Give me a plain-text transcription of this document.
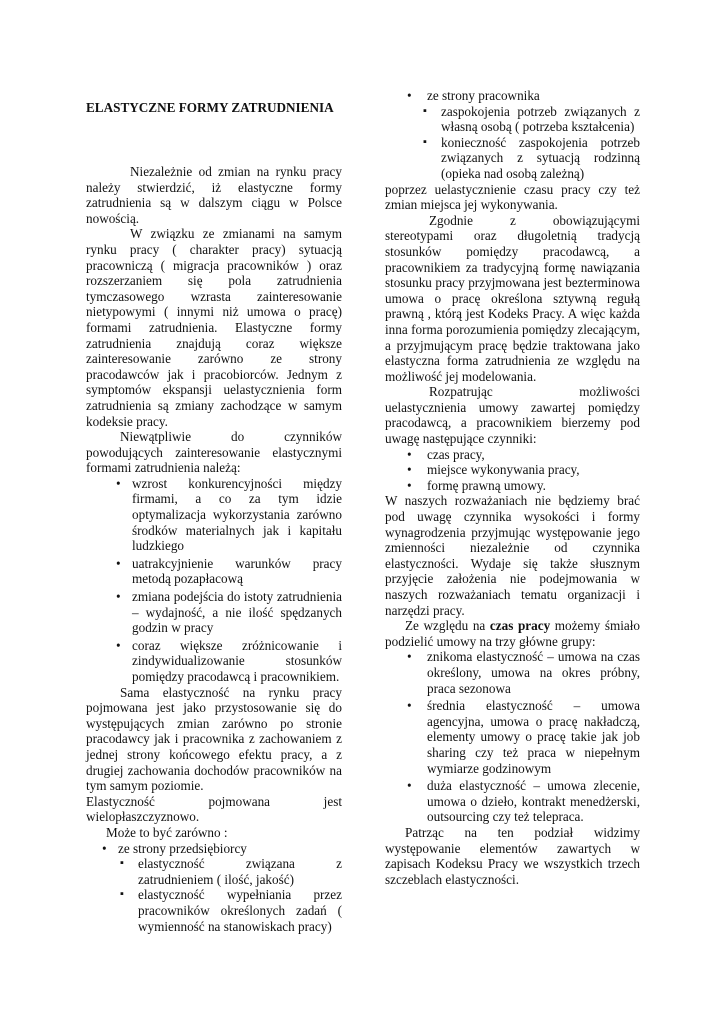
ELASTYCZNE FORMY ZATRUDNIENIA

Niezależnie od zmian na rynku pracy należy stwierdzić, iż elastyczne formy zatrudnienia są w dalszym ciągu w Polsce nowością.

W związku ze zmianami na samym rynku pracy ( charakter pracy) sytuacją pracowniczą ( migracja pracowników ) oraz rozszerzaniem się pola zatrudnienia tymczasowego wzrasta zainteresowanie nietypowymi ( innymi niż umowa o pracę) formami zatrudnienia. Elastyczne formy zatrudnienia znajdują coraz większe zainteresowanie zarówno ze strony pracodawców jak i pracobiorców. Jednym z symptomów ekspansji uelastycznienia form zatrudnienia są zmiany zachodzące w samym kodeksie pracy.

Niewątpliwie do czynników powodujących zainteresowanie elastycznymi formami zatrudnienia należą:

• wzrost konkurencyjności między firmami, a co za tym idzie optymalizacja wykorzystania zarówno środków materialnych jak i kapitału ludzkiego
• uatrakcyjnienie warunków pracy metodą pozapłacową
• zmiana podejścia do istoty zatrudnienia – wydajność, a nie ilość spędzanych godzin w pracy
• coraz większe zróżnicowanie i zindywidualizowanie stosunków pomiędzy pracodawcą i pracownikiem.

Sama elastyczność na rynku pracy pojmowana jest jako przystosowanie się do występujących zmian zarówno po stronie pracodawcy jak i pracownika z zachowaniem z jednej strony końcowego efektu pracy, a z drugiej zachowania dochodów pracowników na tym samym poziomie.

Elastyczność pojmowana jest wielopłaszczyznowo.

Może to być zarówno :

• ze strony przedsiębiorcy
▪ elastyczność związana z zatrudnieniem ( ilość, jakość)
▪ elastyczność wypełniania przez pracowników określonych zadań ( wymienność na stanowiskach pracy)
• ze strony pracownika
▪ zaspokojenia potrzeb związanych z własną osobą ( potrzeba kształcenia)
▪ konieczność zaspokojenia potrzeb związanych z sytuacją rodzinną (opieka nad osobą zależną)

poprzez uelastycznienie czasu pracy czy też zmian miejsca jej wykonywania.

Zgodnie z obowiązującymi stereotypami oraz długoletnią tradycją stosunków pomiędzy pracodawcą, a pracownikiem za tradycyjną formę nawiązania stosunku pracy przyjmowana jest bezterminowa umowa o pracę określona sztywną regułą prawną , którą jest Kodeks Pracy. A więc każda inna forma porozumienia pomiędzy zlecającym, a przyjmującym pracę będzie traktowana jako elastyczna forma zatrudnienia ze względu na możliwość jej modelowania.

Rozpatrując możliwości uelastycznienia umowy zawartej pomiędzy pracodawcą, a pracownikiem bierzemy pod uwagę następujące czynniki:

• czas pracy,
• miejsce wykonywania pracy,
• formę prawną umowy.

W naszych rozważaniach nie będziemy brać pod uwagę czynnika wysokości i formy wynagrodzenia przyjmując występowanie jego zmienności niezależnie od czynnika elastyczności. Wydaje się także słusznym przyjęcie założenia nie podejmowania w naszych rozważaniach tematu organizacji i narzędzi pracy.

Ze względu na czas pracy możemy śmiało podzielić umowy na trzy główne grupy:

• znikoma elastyczność – umowa na czas określony, umowa na okres próbny, praca sezonowa
• średnia elastyczność – umowa agencyjna, umowa o pracę nakładczą, elementy umowy o pracę takie jak job sharing czy też praca w niepełnym wymiarze godzinowym
• duża elastyczność – umowa zlecenie, umowa o dzieło, kontrakt menedżerski, outsourcing czy też telepraca.

Patrząc na ten podział widzimy występowanie elementów zawartych w zapisach Kodeksu Pracy we wszystkich trzech szczeblach elastyczności.
